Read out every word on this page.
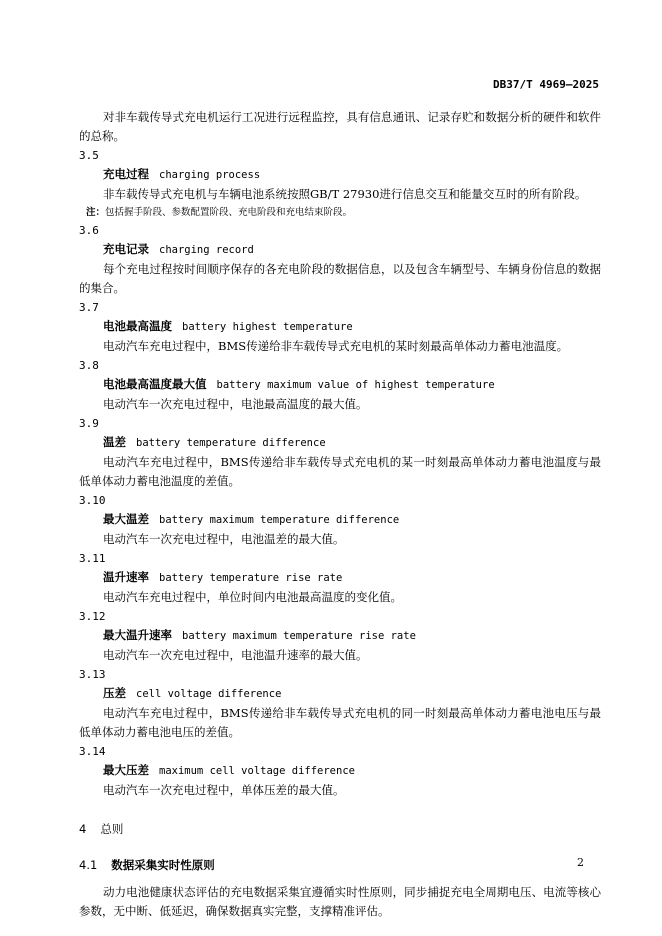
DB37/T 4969—2025

对非车载传导式充电机运行工况进行远程监控，具有信息通讯、记录存贮和数据分析的硬件和软件的总称。

3.5

充电过程 charging process

非车载传导式充电机与车辆电池系统按照GB/T 27930进行信息交互和能量交互时的所有阶段。

注：包括握手阶段、参数配置阶段、充电阶段和充电结束阶段。

3.6

充电记录 charging record

每个充电过程按时间顺序保存的各充电阶段的数据信息，以及包含车辆型号、车辆身份信息的数据的集合。

3.7

电池最高温度 battery highest temperature

电动汽车充电过程中，BMS传递给非车载传导式充电机的某时刻最高单体动力蓄电池温度。

3.8

电池最高温度最大值 battery maximum value of highest temperature

电动汽车一次充电过程中，电池最高温度的最大值。

3.9

温差 battery temperature difference

电动汽车充电过程中，BMS传递给非车载传导式充电机的某一时刻最高单体动力蓄电池温度与最低单体动力蓄电池温度的差值。

3.10

最大温差 battery maximum temperature difference

电动汽车一次充电过程中，电池温差的最大值。

3.11

温升速率 battery temperature rise rate

电动汽车充电过程中，单位时间内电池最高温度的变化值。

3.12

最大温升速率 battery maximum temperature rise rate

电动汽车一次充电过程中，电池温升速率的最大值。

3.13

压差 cell voltage difference

电动汽车充电过程中，BMS传递给非车载传导式充电机的同一时刻最高单体动力蓄电池电压与最低单体动力蓄电池电压的差值。

3.14

最大压差 maximum cell voltage difference

电动汽车一次充电过程中，单体压差的最大值。

4 总则

4.1 数据采集实时性原则

动力电池健康状态评估的充电数据采集宜遵循实时性原则，同步捕捉充电全周期电压、电流等核心参数，无中断、低延迟，确保数据真实完整，支撑精准评估。

2
